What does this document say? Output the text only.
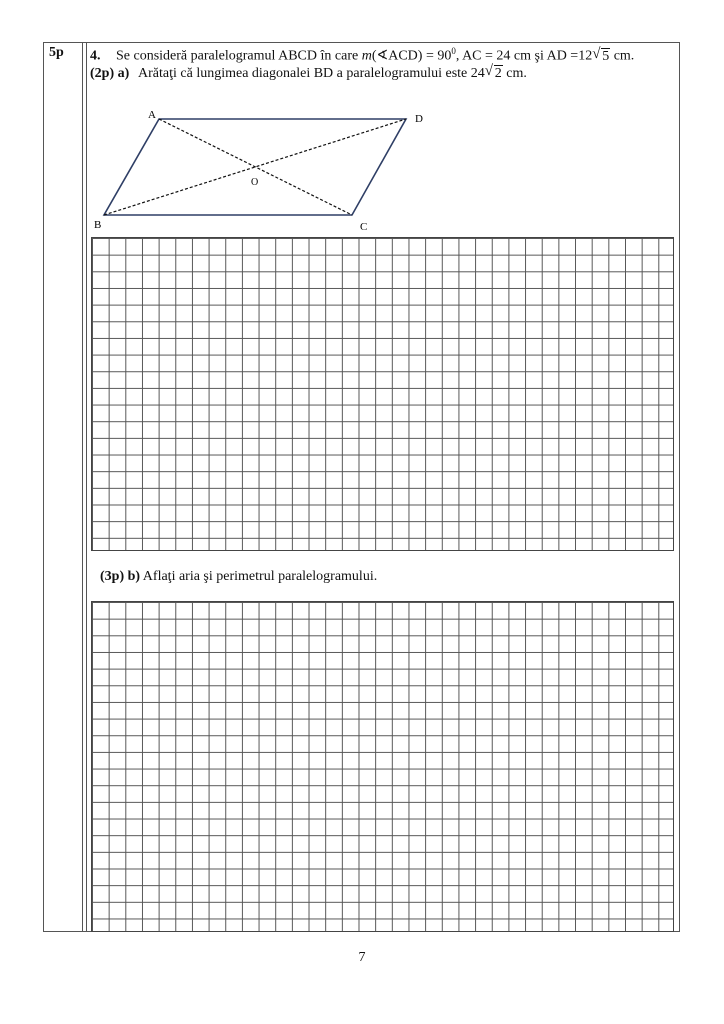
5p 4. Se consideră paralelogramul ABCD în care m(∢ACD) = $90^0$, AC = 24 cm şi AD =12 √ 5 cm.
(2p) a) Arătaţi că lungimea diagonalei BD a paralelogramului este 24 √ 2 cm.
A	D
B	C
O
(3p) b) Aflaţi aria şi perimetrul paralelogramului.
7
